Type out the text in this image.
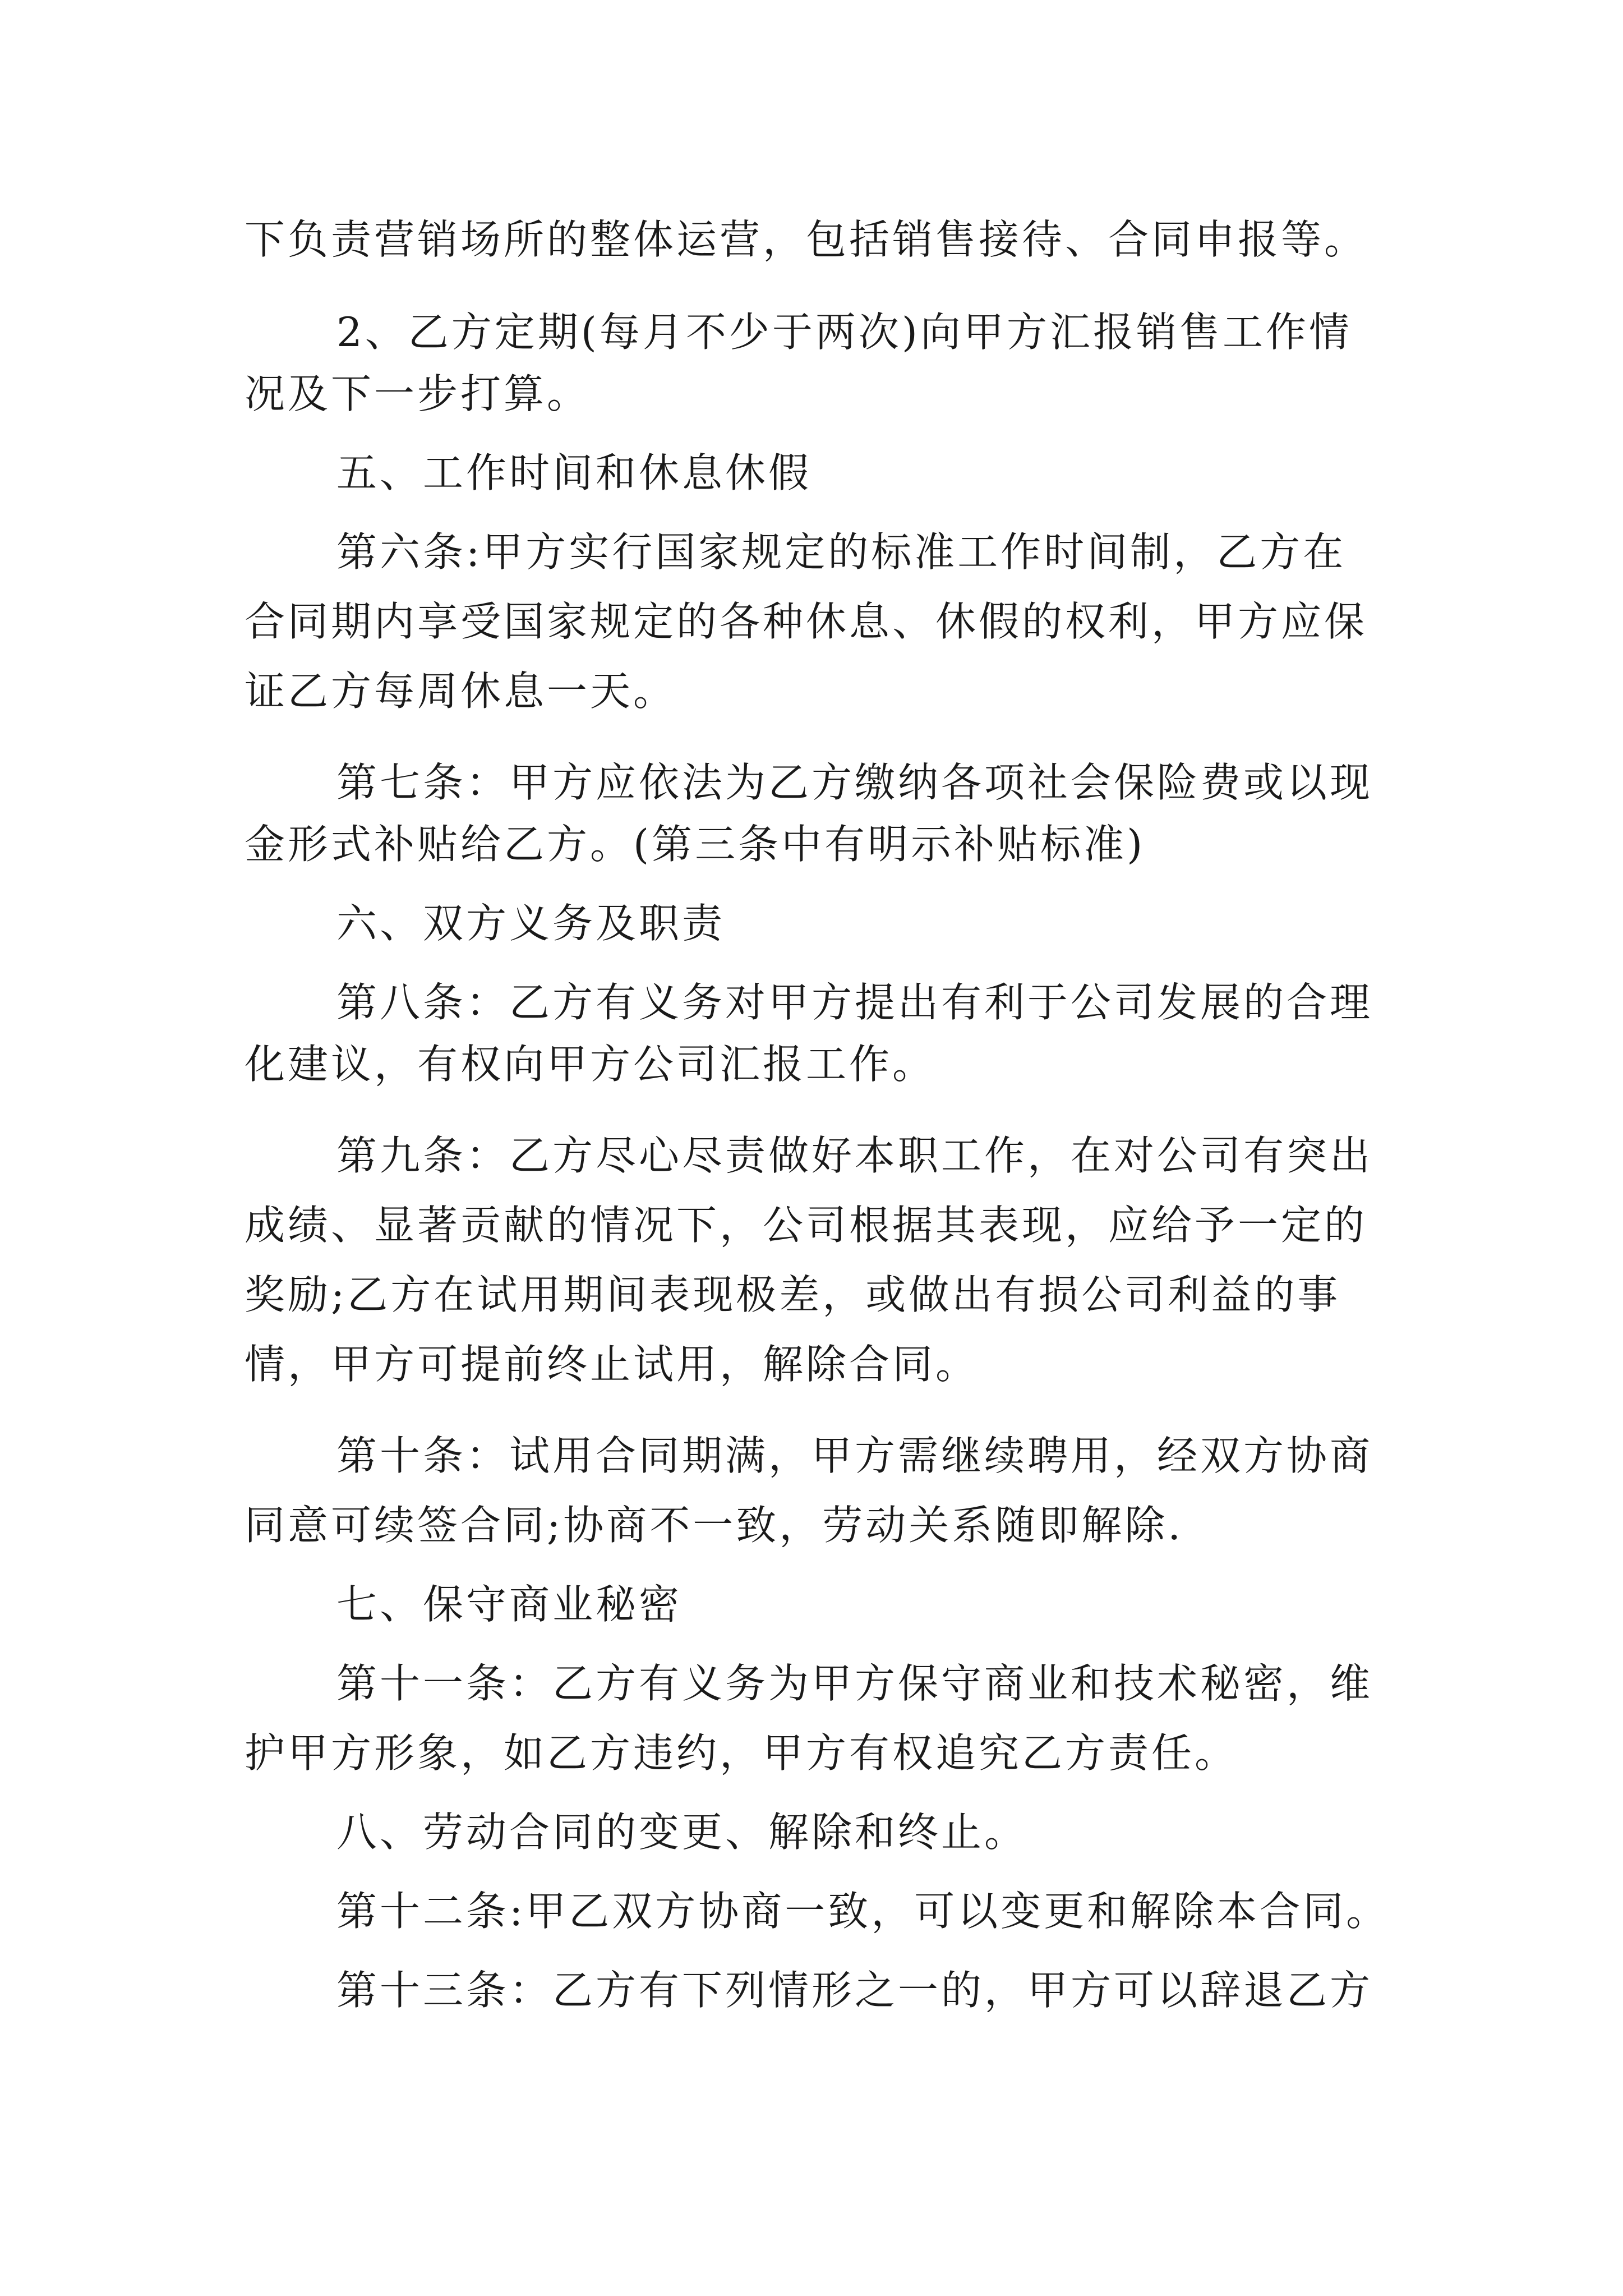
下负责营销场所的整体运营，包括销售接待、合同申报等。
2、乙方定期(每月不少于两次)向甲方汇报销售工作情
况及下一步打算。
五、工作时间和休息休假
第六条:甲方实行国家规定的标准工作时间制，乙方在
合同期内享受国家规定的各种休息、休假的权利，甲方应保
证乙方每周休息一天。
第七条：甲方应依法为乙方缴纳各项社会保险费或以现
金形式补贴给乙方。(第三条中有明示补贴标准)
六、双方义务及职责
第八条：乙方有义务对甲方提出有利于公司发展的合理
化建议，有权向甲方公司汇报工作。
第九条：乙方尽心尽责做好本职工作，在对公司有突出
成绩、显著贡献的情况下，公司根据其表现，应给予一定的
奖励;乙方在试用期间表现极差，或做出有损公司利益的事
情，甲方可提前终止试用，解除合同。
第十条：试用合同期满，甲方需继续聘用，经双方协商
同意可续签合同;协商不一致，劳动关系随即解除.
七、保守商业秘密
第十一条：乙方有义务为甲方保守商业和技术秘密，维
护甲方形象，如乙方违约，甲方有权追究乙方责任。
八、劳动合同的变更、解除和终止。
第十二条:甲乙双方协商一致，可以变更和解除本合同。
第十三条：乙方有下列情形之一的，甲方可以辞退乙方
